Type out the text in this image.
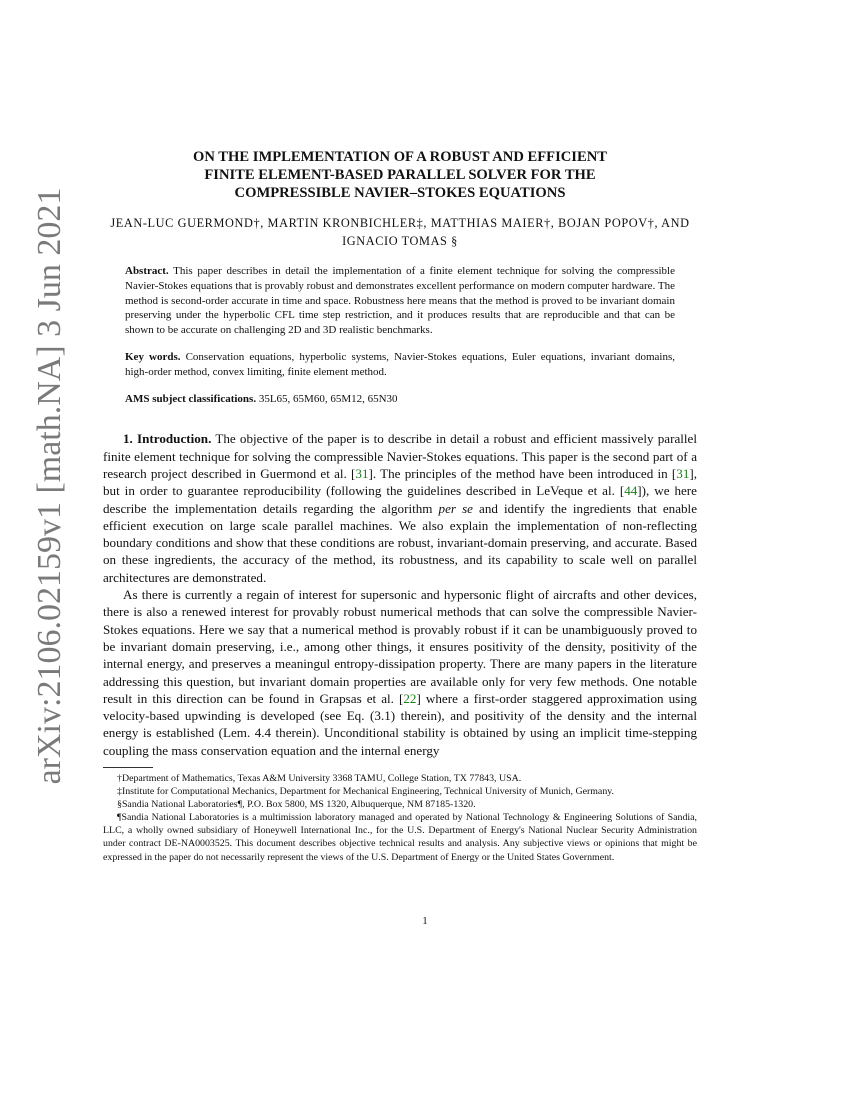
arXiv:2106.02159v1 [math.NA] 3 Jun 2021
ON THE IMPLEMENTATION OF A ROBUST AND EFFICIENT
FINITE ELEMENT-BASED PARALLEL SOLVER FOR THE
COMPRESSIBLE NAVIER–STOKES EQUATIONS
JEAN-LUC GUERMOND†, MARTIN KRONBICHLER‡, MATTHIAS MAIER†, BOJAN POPOV†, AND
IGNACIO TOMAS §
Abstract. This paper describes in detail the implementation of a finite element technique for solving the compressible Navier-Stokes equations that is provably robust and demonstrates excellent performance on modern computer hardware. The method is second-order accurate in time and space. Robustness here means that the method is proved to be invariant domain preserving under the hyperbolic CFL time step restriction, and it produces results that are reproducible and that can be shown to be accurate on challenging 2D and 3D realistic benchmarks.
Key words. Conservation equations, hyperbolic systems, Navier-Stokes equations, Euler equations, invariant domains, high-order method, convex limiting, finite element method.
AMS subject classifications. 35L65, 65M60, 65M12, 65N30

1. Introduction. The objective of the paper is to describe in detail a robust and efficient massively parallel finite element technique for solving the compressible Navier-Stokes equations. This paper is the second part of a research project described in Guermond et al. [31]. The principles of the method have been introduced in [31], but in order to guarantee reproducibility (following the guidelines described in LeVeque et al. [44]), we here describe the implementation details regarding the algorithm per se and identify the ingredients that enable efficient execution on large scale parallel machines. We also explain the implementation of non-reflecting boundary conditions and show that these conditions are robust, invariant-domain preserving, and accurate. Based on these ingredients, the accuracy of the method, its robustness, and its capability to scale well on parallel architectures are demonstrated.

As there is currently a regain of interest for supersonic and hypersonic flight of aircrafts and other devices, there is also a renewed interest for provably robust numerical methods that can solve the compressible Navier-Stokes equations. Here we say that a numerical method is provably robust if it can be unambiguously proved to be invariant domain preserving, i.e., among other things, it ensures positivity of the density, positivity of the internal energy, and preserves a meaningul entropy-dissipation property. There are many papers in the literature addressing this question, but invariant domain properties are available only for very few methods. One notable result in this direction can be found in Grapsas et al. [22] where a first-order staggered approximation using velocity-based upwinding is developed (see Eq. (3.1) therein), and positivity of the density and the internal energy is established (Lem. 4.4 therein). Unconditional stability is obtained by using an implicit time-stepping coupling the mass conservation equation and the internal energy

†Department of Mathematics, Texas A&M University 3368 TAMU, College Station, TX 77843, USA.

‡Institute for Computational Mechanics, Department for Mechanical Engineering, Technical University of Munich, Germany.

§Sandia National Laboratories¶, P.O. Box 5800, MS 1320, Albuquerque, NM 87185-1320.

¶Sandia National Laboratories is a multimission laboratory managed and operated by National Technology & Engineering Solutions of Sandia, LLC, a wholly owned subsidiary of Honeywell International Inc., for the U.S. Department of Energy's National Nuclear Security Administration under contract DE-NA0003525. This document describes objective technical results and analysis. Any subjective views or opinions that might be expressed in the paper do not necessarily represent the views of the U.S. Department of Energy or the United States Government.

1
